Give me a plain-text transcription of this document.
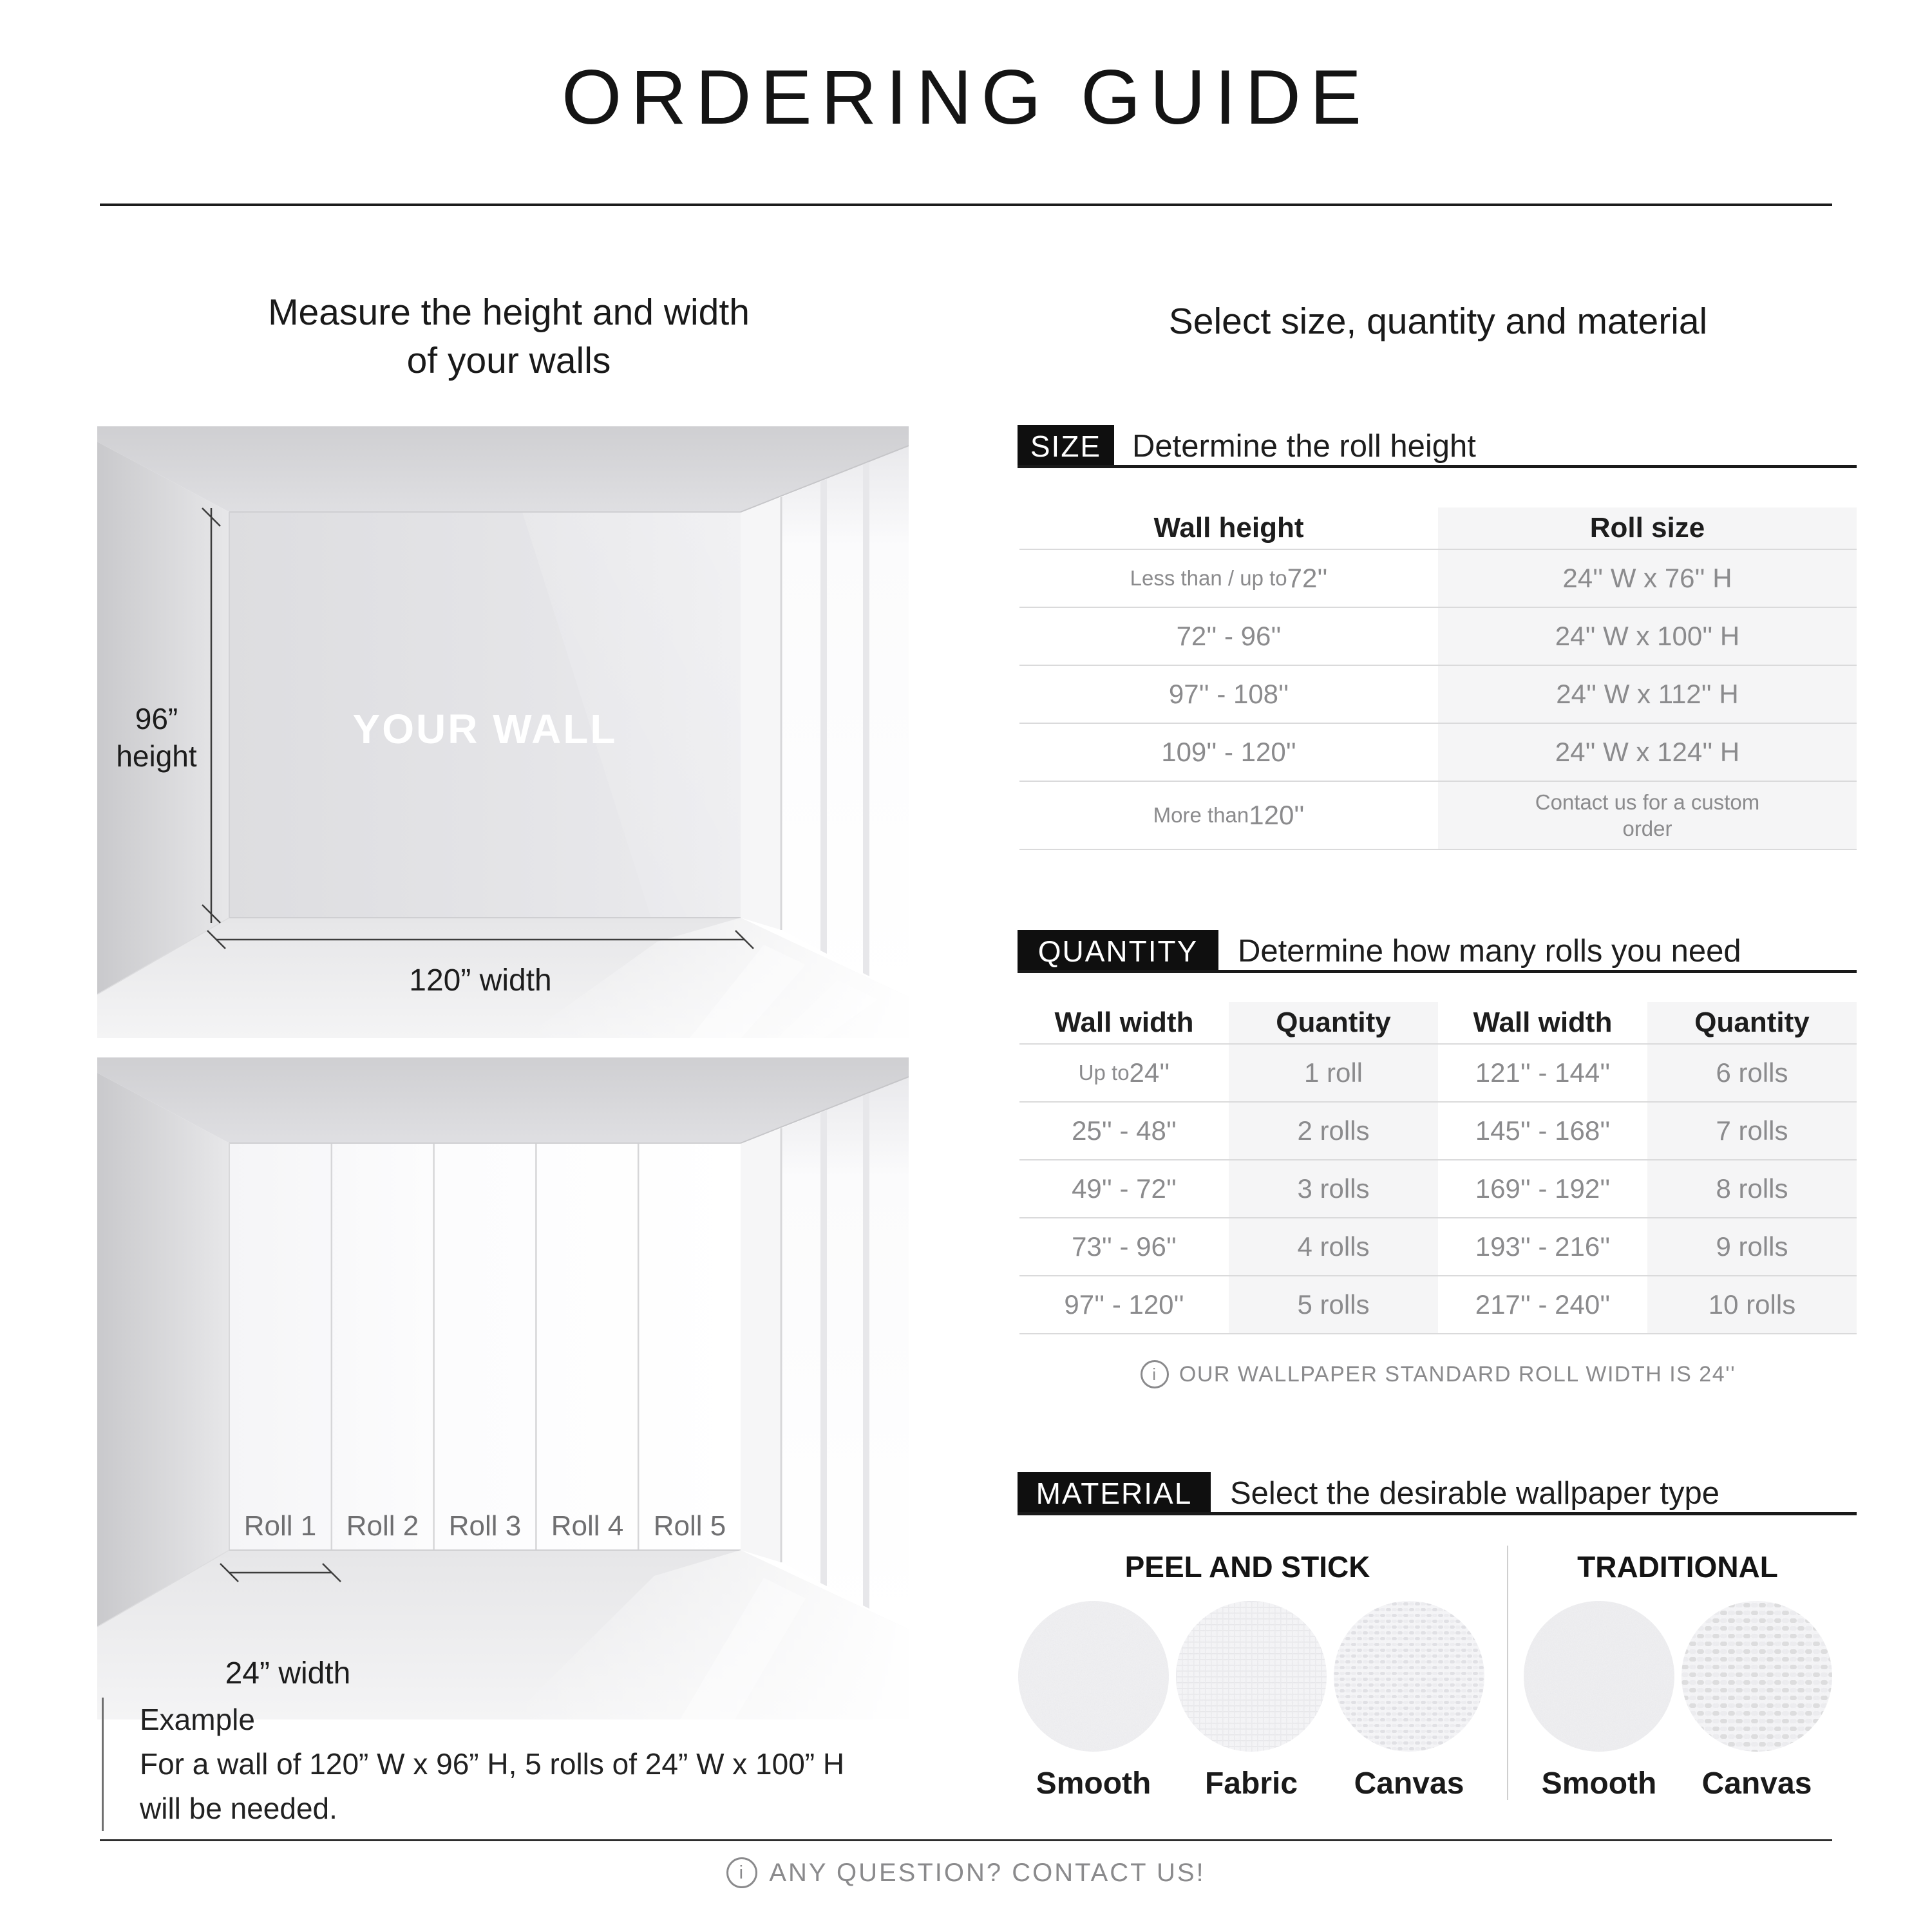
ORDERING GUIDE
Measure the height and width
of your walls
96”
height
120” width
YOUR WALL
Roll 1 Roll 2 Roll 3 Roll 4 Roll 5
24” width
Example
For a wall of 120” W x 96” H, 5 rolls of 24” W x 100” H
will be needed.
Select size, quantity and material
SIZE Determine the roll height
Wall height	Roll size
Less than / up to 72''	24'' W x 76'' H
72'' - 96''	24'' W x 100'' H
97'' - 108''	24'' W x 112'' H
109'' - 120''	24'' W x 124'' H
More than 120''	Contact us for a custom order
QUANTITY	Determine how many rolls you need
Wall width	Quantity	Wall width	Quantity
Up to 24''	1 roll	121'' - 144''	6 rolls
25'' - 48''	2 rolls	145'' - 168''	7 rolls
49'' - 72''	3 rolls	169'' - 192''	8 rolls
73'' - 96''	4 rolls	193'' - 216''	9 rolls
97'' - 120''	5 rolls	217'' - 240''	10 rolls
i
OUR WALLPAPER STANDARD ROLL WIDTH IS 24''
MATERIAL	Select the desirable wallpaper type
PEEL AND STICK	TRADITIONAL
Smooth Fabric Canvas	Smooth Canvas
i
ANY QUESTION? CONTACT US!
